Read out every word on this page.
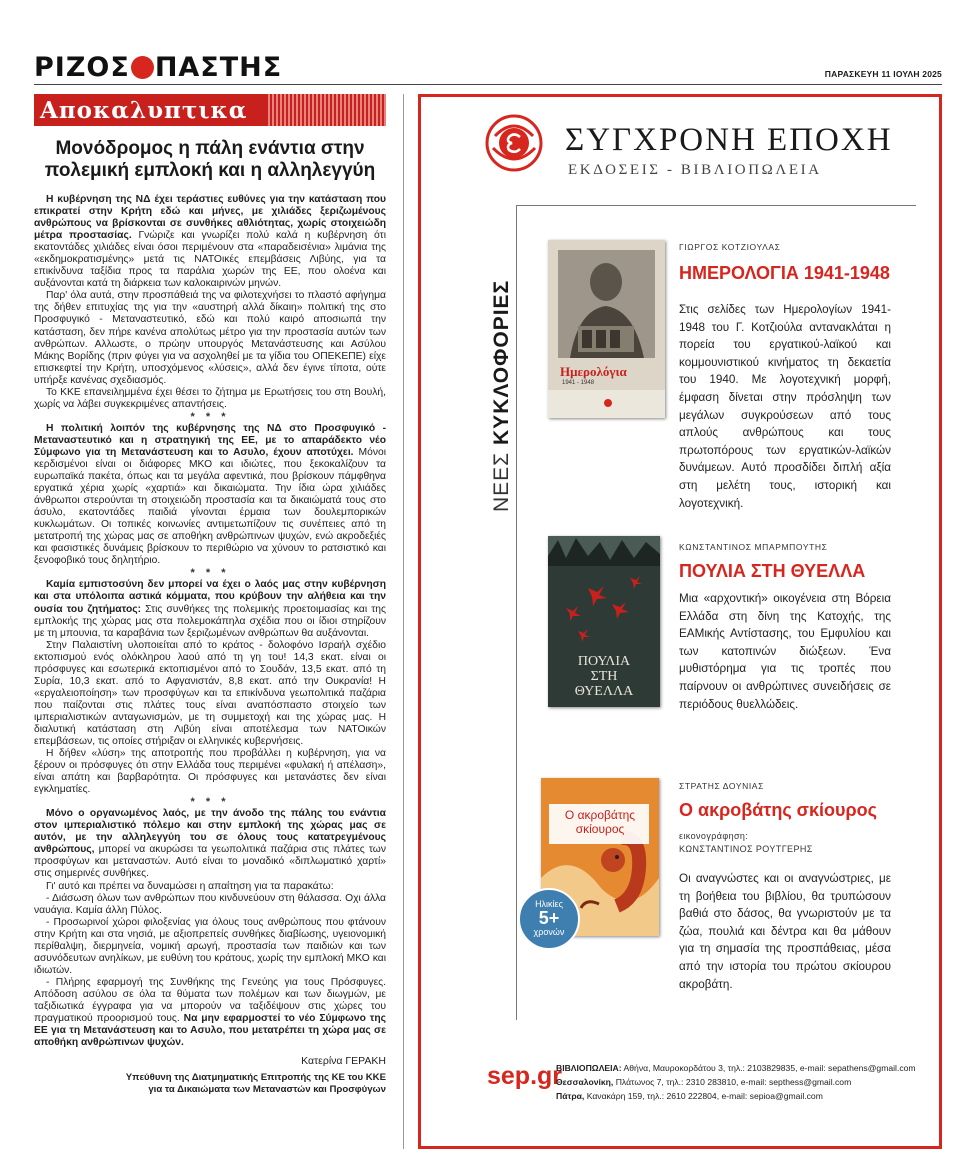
ΡΙΖΟΣ ΠΑΣΤΗΣ	ΠΑΡΑΣΚΕΥΗ 11 ΙΟΥΛΗ 2025
Αποκαλυπτικα
Μονόδρομος η πάλη ενάντια στην πολεμική εμπλοκή και η αλληλεγγύη

Η κυβέρνηση της ΝΔ έχει τεράστιες ευθύνες για την κατάσταση που επικρατεί στην Κρήτη εδώ και μήνες, με χιλιάδες ξεριζωμένους ανθρώπους να βρίσκονται σε συνθήκες αθλιότητας, χωρίς στοιχειώδη μέτρα προστασίας. Γνώριζε και γνωρίζει πολύ καλά η κυβέρνηση ότι εκατοντάδες χιλιάδες είναι όσοι περιμένουν στα «παραδεισένια» λιμάνια της «εκδημοκρατισμένης» μετά τις ΝΑΤΟικές επεμβάσεις Λιβύης, για τα επικίνδυνα ταξίδια προς τα παράλια χωρών της ΕΕ, που ολοένα και αυξάνονται κατά τη διάρκεια των καλοκαιρινών μηνών.

Παρ' όλα αυτά, στην προσπάθειά της να φιλοτεχνήσει το πλαστό αφήγημα της δήθεν επιτυχίας της για την «αυστηρή αλλά δίκαιη» πολιτική της στο Προσφυγικό - Μεταναστευτικό, εδώ και πολύ καιρό αποσιωπά την κατάσταση, δεν πήρε κανένα απολύτως μέτρο για την προστασία αυτών των ανθρώπων. Αλλωστε, ο πρώην υπουργός Μετανάστευσης και Ασύλου Μάκης Βορίδης (πριν φύγει για να ασχοληθεί με τα γίδια του ΟΠΕΚΕΠΕ) είχε επισκεφτεί την Κρήτη, υποσχόμενος «λύσεις», αλλά δεν έγινε τίποτα, ούτε υπήρξε κανένας σχεδιασμός.

Το ΚΚΕ επανειλημμένα έχει θέσει το ζήτημα με Ερωτήσεις του στη Βουλή, χωρίς να λάβει συγκεκριμένες απαντήσεις.

* * *

Η πολιτική λοιπόν της κυβέρνησης της ΝΔ στο Προσφυγικό - Μεταναστευτικό και η στρατηγική της ΕΕ, με το απαράδεκτο νέο Σύμφωνο για τη Μετανάστευση και το Ασυλο, έχουν αποτύχει. Μόνοι κερδισμένοι είναι οι διάφορες ΜΚΟ και ιδιώτες, που ξεκοκαλίζουν τα ευρωπαϊκά πακέτα, όπως και τα μεγάλα αφεντικά, που βρίσκουν πάμφθηνα εργατικά χέρια χωρίς «χαρτιά» και δικαιώματα. Την ίδια ώρα χιλιάδες άνθρωποι στερούνται τη στοιχειώδη προστασία και τα δικαιώματά τους στο άσυλο, εκατοντάδες παιδιά γίνονται έρμαια των δουλεμπορικών κυκλωμάτων. Οι τοπικές κοινωνίες αντιμετωπίζουν τις συνέπειες από τη μετατροπή της χώρας μας σε αποθήκη ανθρώπινων ψυχών, ενώ ακροδεξιές και φασιστικές δυνάμεις βρίσκουν το περιθώριο να χύνουν το ρατσιστικό και ξενοφοβικό τους δηλητήριο.

* * *

Καμία εμπιστοσύνη δεν μπορεί να έχει ο λαός μας στην κυβέρνηση και στα υπόλοιπα αστικά κόμματα, που κρύβουν την αλήθεια και την ουσία του ζητήματος: Στις συνθήκες της πολεμικής προετοιμασίας και της εμπλοκής της χώρας μας στα πολεμοκάπηλα σχέδια που οι ίδιοι στηρίζουν με τη μπουνια, τα καραβάνια των ξεριζωμένων ανθρώπων θα αυξάνονται.

Στην Παλαιστίνη υλοποιείται από το κράτος - δολοφόνο Ισραήλ σχέδιο εκτοπισμού ενός ολόκληρου λαού από τη γη του! 14,3 εκατ. είναι οι πρόσφυγες και εσωτερικά εκτοπισμένοι από το Σουδάν, 13,5 εκατ. από τη Συρία, 10,3 εκατ. από το Αφγανιστάν, 8,8 εκατ. από την Ουκρανία! Η «εργαλειοποίηση» των προσφύγων και τα επικίνδυνα γεωπολιτικά παζάρια που παίζονται στις πλάτες τους είναι αναπόσπαστο στοιχείο των ιμπεριαλιστικών ανταγωνισμών, με τη συμμετοχή και της χώρας μας. Η διαλυτική κατάσταση στη Λιβύη είναι αποτέλεσμα των ΝΑΤΟικών επεμβάσεων, τις οποίες στήριξαν οι ελληνικές κυβερνήσεις.

Η δήθεν «λύση» της αποτροπής που προβάλλει η κυβέρνηση, για να ξέρουν οι πρόσφυγες ότι στην Ελλάδα τους περιμένει «φυλακή ή απέλαση», είναι απάτη και βαρβαρότητα. Οι πρόσφυγες και μετανάστες δεν είναι εγκληματίες.

* * *

Μόνο ο οργανωμένος λαός, με την άνοδο της πάλης του ενάντια στον ιμπεριαλιστικό πόλεμο και στην εμπλοκή της χώρας μας σε αυτόν, με την αλληλεγγύη του σε όλους τους κατατρεγμένους ανθρώπους, μπορεί να ακυρώσει τα γεωπολιτικά παζάρια στις πλάτες των προσφύγων και μεταναστών. Αυτό είναι το μοναδικό «διπλωματικό χαρτί» στις σημερινές συνθήκες.

Γι' αυτό και πρέπει να δυναμώσει η απαίτηση για τα παρακάτω:

- Διάσωση όλων των ανθρώπων που κινδυνεύουν στη θάλασσα. Οχι άλλα ναυάγια. Καμία άλλη Πύλος.

- Προσωρινοί χώροι φιλοξενίας για όλους τους ανθρώπους που φτάνουν στην Κρήτη και στα νησιά, με αξιοπρεπείς συνθήκες διαβίωσης, υγειονομική περίθαλψη, διερμηνεία, νομική αρωγή, προστασία των παιδιών και των ασυνόδευτων ανηλίκων, με ευθύνη του κράτους, χωρίς την εμπλοκή ΜΚΟ και ιδιωτών.

- Πλήρης εφαρμογή της Συνθήκης της Γενεύης για τους Πρόσφυγες. Απόδοση ασύλου σε όλα τα θύματα των πολέμων και των διωγμών, με ταξιδιωτικά έγγραφα για να μπορούν να ταξιδέψουν στις χώρες του πραγματικού προορισμού τους. Να μην εφαρμοστεί το νέο Σύμφωνο της ΕΕ για τη Μετανάστευση και το Ασυλο, που μετατρέπει τη χώρα μας σε αποθήκη ανθρώπινων ψυχών.

Κατερίνα ΓΕΡΑΚΗ
Υπεύθυνη της Διατμηματικής Επιτροπής της ΚΕ του ΚΚΕ
για τα Δικαιώματα των Μεταναστών και Προσφύγων
ΣΥΓΧΡΟΝΗ ΕΠΟΧΗ
ΕΚΔΟΣΕΙΣ - ΒΙΒΛΙΟΠΩΛΕΙΑ
ΝΕΕΣ ΚΥΚΛΟΦΟΡΙΕΣ	Ημερολόγια
1941 - 1948
ΓΙΩΡΓΟΣ ΚΟΤΖΙΟΥΛΑΣ
ΗΜΕΡΟΛΟΓΙΑ 1941-1948
Στις σελίδες των Ημερολογίων 1941-1948 του Γ. Κοτζιούλα αντανακλάται η πορεία του εργατικού-λαϊκού και κομμουνιστικού κινήματος τη δεκαετία του 1940. Με λογοτεχνική μορφή, έμφαση δίνεται στην πρόσληψη των μεγάλων συγκρούσεων από τους απλούς ανθρώπους και τους πρωτοπόρους των εργατικών-λαϊκών δυνάμεων. Αυτό προσδίδει διπλή αξία στη μελέτη τους, ιστορική και λογοτεχνική.
ΠΟΥΛΙΑ ΣΤΗ ΘΥΕΛΛΑ
ΚΩΝΣΤΑΝΤΙΝΟΣ ΜΠΑΡΜΠΟΥΤΗΣ
ΠΟΥΛΙΑ ΣΤΗ ΘΥΕΛΛΑ
Μια «αρχοντική» οικογένεια στη Βόρεια Ελλάδα στη δίνη της Κατοχής, της ΕΑΜικής Αντίστασης, του Εμφυλίου και των κατοπινών διώξεων. Ένα μυθιστόρημα για τις τροπές που παίρνουν οι ανθρώπινες συνειδήσεις σε περιόδους θυελλώδεις.
Ο ακροβάτης σκίουρος
Ηλικίες
5+
χρονών
ΣΤΡΑΤΗΣ ΔΟΥΝΙΑΣ
Ο ακροβάτης σκίουρος
εικονογράφηση:
ΚΩΝΣΤΑΝΤΙΝΟΣ ΡΟΥΤΓΕΡΗΣ
Οι αναγνώστες και οι αναγνώστριες, με τη βοήθεια του βιβλίου, θα τρυπώσουν βαθιά στο δάσος, θα γνωριστούν με τα ζώα, πουλιά και δέντρα και θα μάθουν για τη σημασία της προσπάθειας, μέσα από την ιστορία του πρώτου σκίουρου ακροβάτη.
sep.gr
ΒΙΒΛΙΟΠΩΛΕΙΑ: Αθήνα, Μαυροκορδάτου 3, τηλ.: 2103829835, e-mail: sepathens@gmail.com
Θεσσαλονίκη, Πλάτωνος 7, τηλ.: 2310 283810, e-mail: septhess@gmail.com
Πάτρα, Κανακάρη 159, τηλ.: 2610 222804, e-mail: sepioa@gmail.com
